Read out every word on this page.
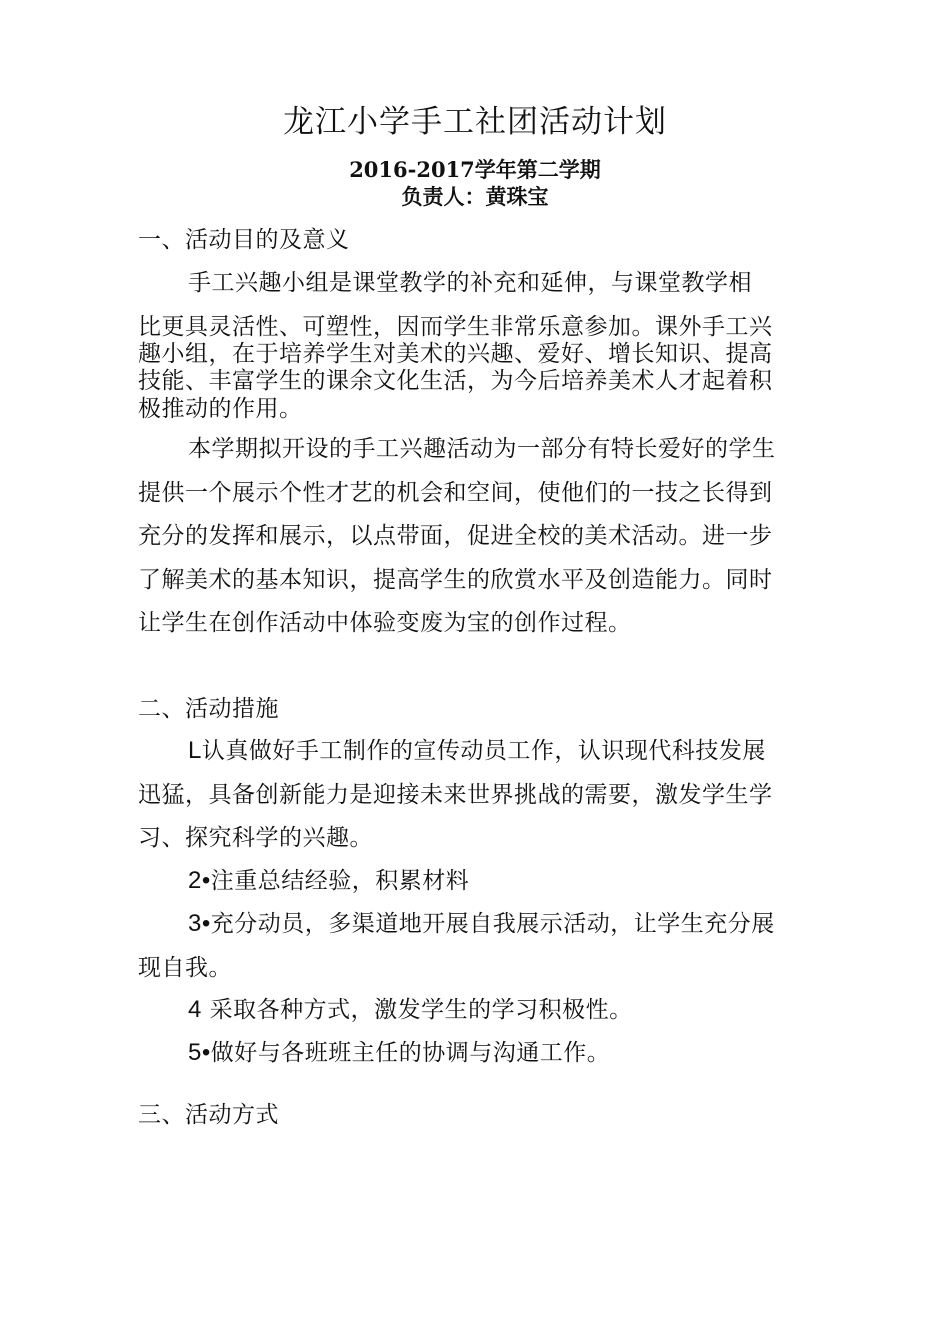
龙江小学手工社团活动计划
2016-2017学年第二学期
负责人：黄珠宝
一、活动目的及意义
手工兴趣小组是课堂教学的补充和延伸，与课堂教学相
比更具灵活性、可塑性，因而学生非常乐意参加。课外手工兴
趣小组，在于培养学生对美术的兴趣、爱好、增长知识、提高
技能、丰富学生的课余文化生活，为今后培养美术人才起着积
极推动的作用。
本学期拟开设的手工兴趣活动为一部分有特长爱好的学生
提供一个展示个性才艺的机会和空间，使他们的一技之长得到
充分的发挥和展示，以点带面，促进全校的美术活动。进一步
了解美术的基本知识，提高学生的欣赏水平及创造能力。同时
让学生在创作活动中体验变废为宝的创作过程。
二、活动措施
L认真做好手工制作的宣传动员工作，认识现代科技发展
迅猛，具备创新能力是迎接未来世界挑战的需要，激发学生学
习、探究科学的兴趣。
2•注重总结经验，积累材料
3•充分动员，多渠道地开展自我展示活动，让学生充分展
现自我。
4 采取各种方式，激发学生的学习积极性。
5•做好与各班班主任的协调与沟通工作。
三、活动方式
